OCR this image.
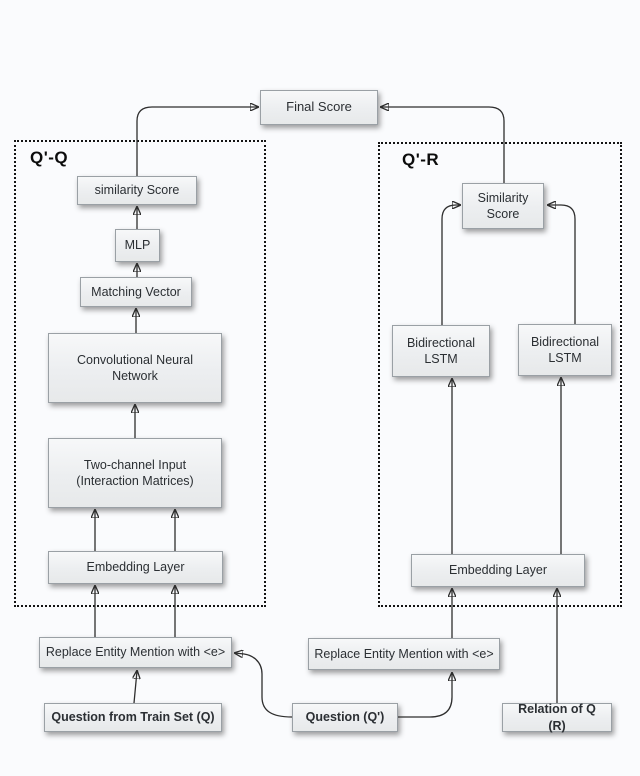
Q'-Q	Q'-R
Final Score
similarity Score
MLP
Matching Vector
Convolutional Neural Network
Two-channel Input (Interaction Matrices)
Embedding Layer
Replace Entity Mention with <e>
Question from Train Set (Q)
Similarity Score
Bidirectional LSTM
Bidirectional LSTM
Embedding Layer
Replace Entity Mention with <e>
Question (Q')
Relation of Q (R)
